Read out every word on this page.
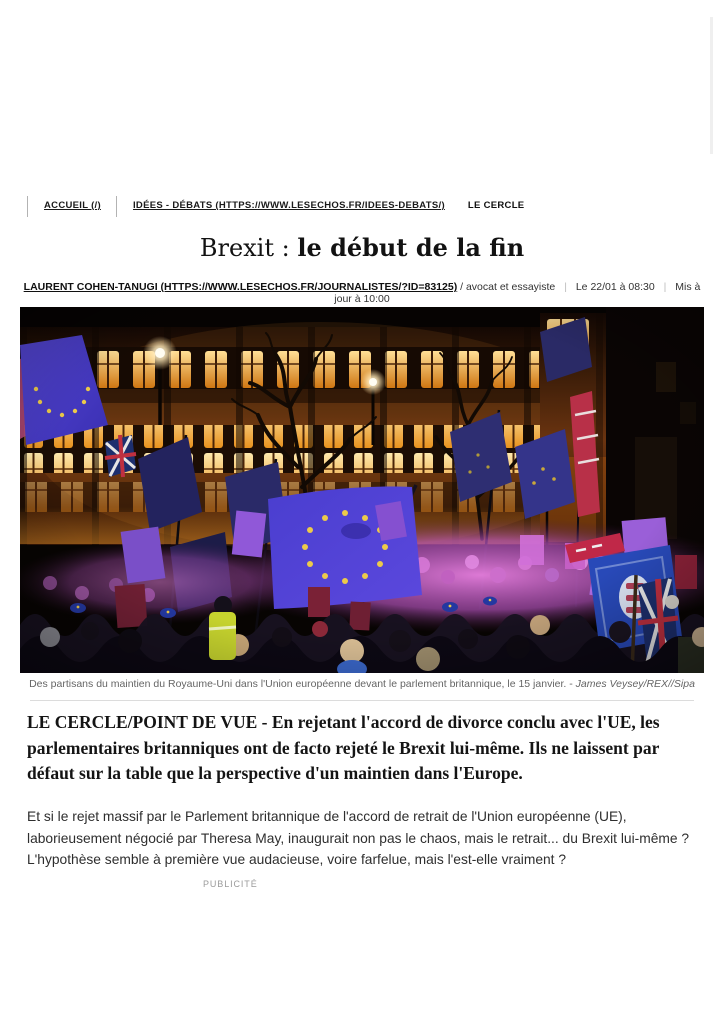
ACCUEIL (/)	IDÉES - DÉBATS (HTTPS://WWW.LESECHOS.FR/IDEES-DEBATS/)	LE CERCLE
Brexit : le début de la fin
LAURENT COHEN-TANUGI (HTTPS://WWW.LESECHOS.FR/JOURNALISTES/?ID=83125) / avocat et essayiste | Le 22/01 à 08:30 | Mis à jour à 10:00
Des partisans du maintien du Royaume-Uni dans l'Union européenne devant le parlement britannique, le 15 janvier. - James Veysey/REX//Sipa

LE CERCLE/POINT DE VUE - En rejetant l'accord de divorce conclu avec l'UE, les parlementaires britanniques ont de facto rejeté le Brexit lui-même. Ils ne laissent par défaut sur la table que la perspective d'un maintien dans l'Europe.

Et si le rejet massif par le Parlement britannique de l'accord de retrait de l'Union européenne (UE), laborieusement négocié par Theresa May, inaugurait non pas le chaos, mais le retrait... du Brexit lui-même ? L'hypothèse semble à première vue audacieuse, voire farfelue, mais l'est-elle vraiment ?

PUBLICITÉ
